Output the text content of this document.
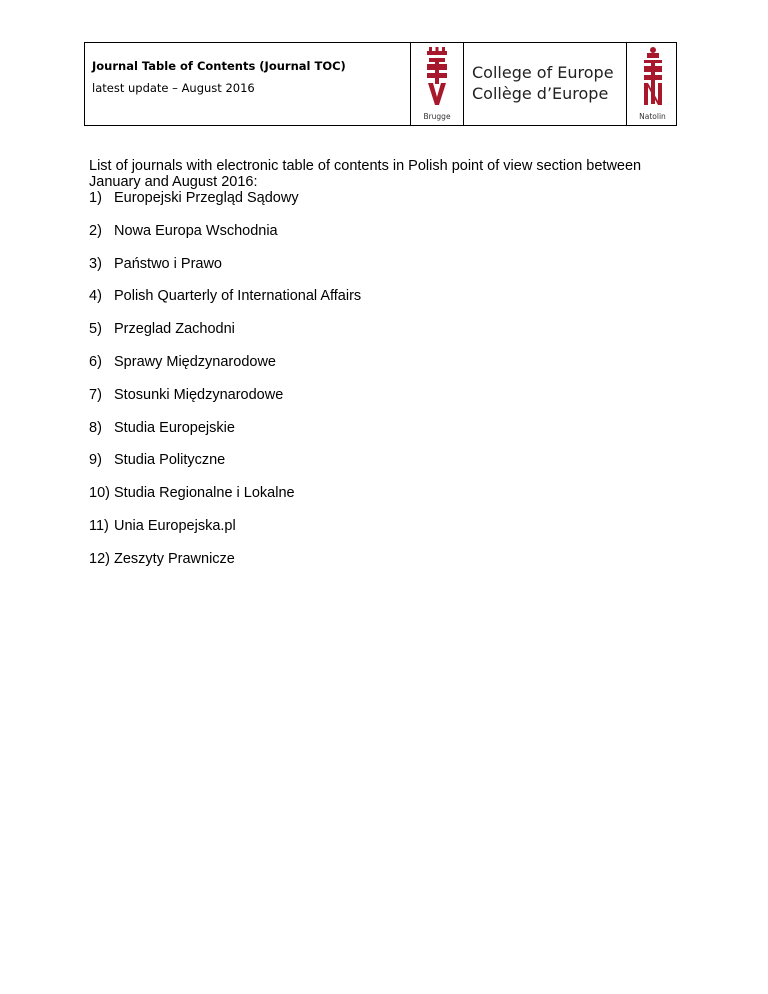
Journal Table of Contents (Journal TOC)
latest update – August 2016
Brugge
College of Europe
Collège d’Europe
Natolin

List of journals with electronic table of contents in Polish point of view section between January and August 2016:

1) Europejski Przegląd Sądowy
2) Nowa Europa Wschodnia
3) Państwo i Prawo
4) Polish Quarterly of International Affairs
5) Przeglad Zachodni
6) Sprawy Międzynarodowe
7) Stosunki Międzynarodowe
8) Studia Europejskie
9) Studia Polityczne
10) Studia Regionalne i Lokalne
11) Unia Europejska.pl
12) Zeszyty Prawnicze
